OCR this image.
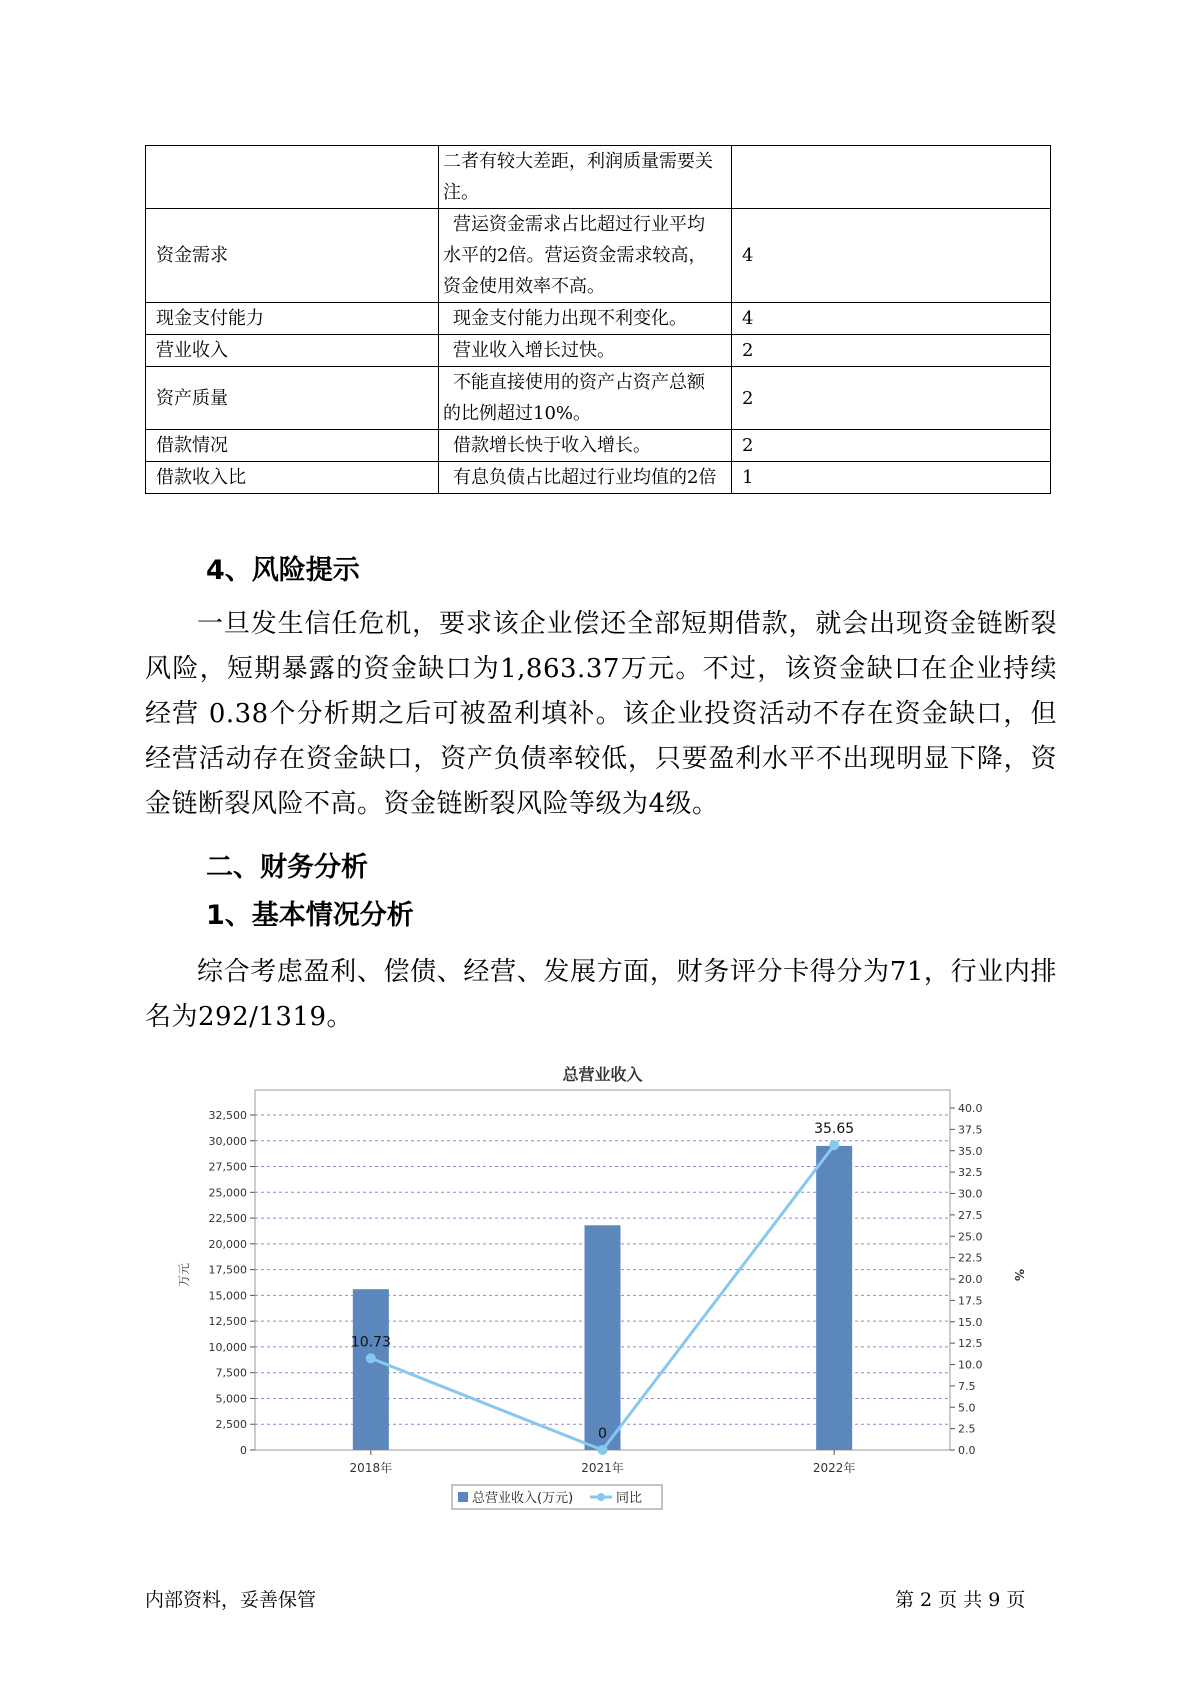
	二者有较大差距，利润质量需要关
注。	

资金需求	营运资金需求占比超过行业平均
水平的2倍。营运资金需求较高，
资金使用效率不高。	4
现金支付能力	现金支付能力出现不利变化。	4
营业收入	营业收入增长过快。	2
资产质量	不能直接使用的资产占资产总额
的比例超过10%。	2
借款情况	借款增长快于收入增长。	2
借款收入比	有息负债占比超过行业均值的2倍	1
4、风险提示

一旦发生信任危机，要求该企业偿还全部短期借款，就会出现资金链断裂风险，短期暴露的资金缺口为1,863.37万元。不过，该资金缺口在企业持续经营 0.38个分析期之后可被盈利填补。该企业投资活动不存在资金缺口，但经营活动存在资金缺口，资产负债率较低，只要盈利水平不出现明显下降，资金链断裂风险不高。资金链断裂风险等级为4级。

二、财务分析
1、基本情况分析

综合考虑盈利、偿债、经营、发展方面，财务评分卡得分为71，行业内排名为292/1319。

总营业收入
0
2,500
5,000
7,500
10,000
12,500
15,000
17,500
20,000
22,500
25,000
27,500
30,000
32,500
0.0
2.5
5.0
7.5
10.0
12.5
15.0
17.5
20.0
22.5
25.0
27.5
30.0
32.5
35.0
37.5
40.0
万元	%
2018年	2021年	2022年
10.73
0
35.65
总营业收入(万元)	同比
内部资料，妥善保管	第 2 页 共 9 页
